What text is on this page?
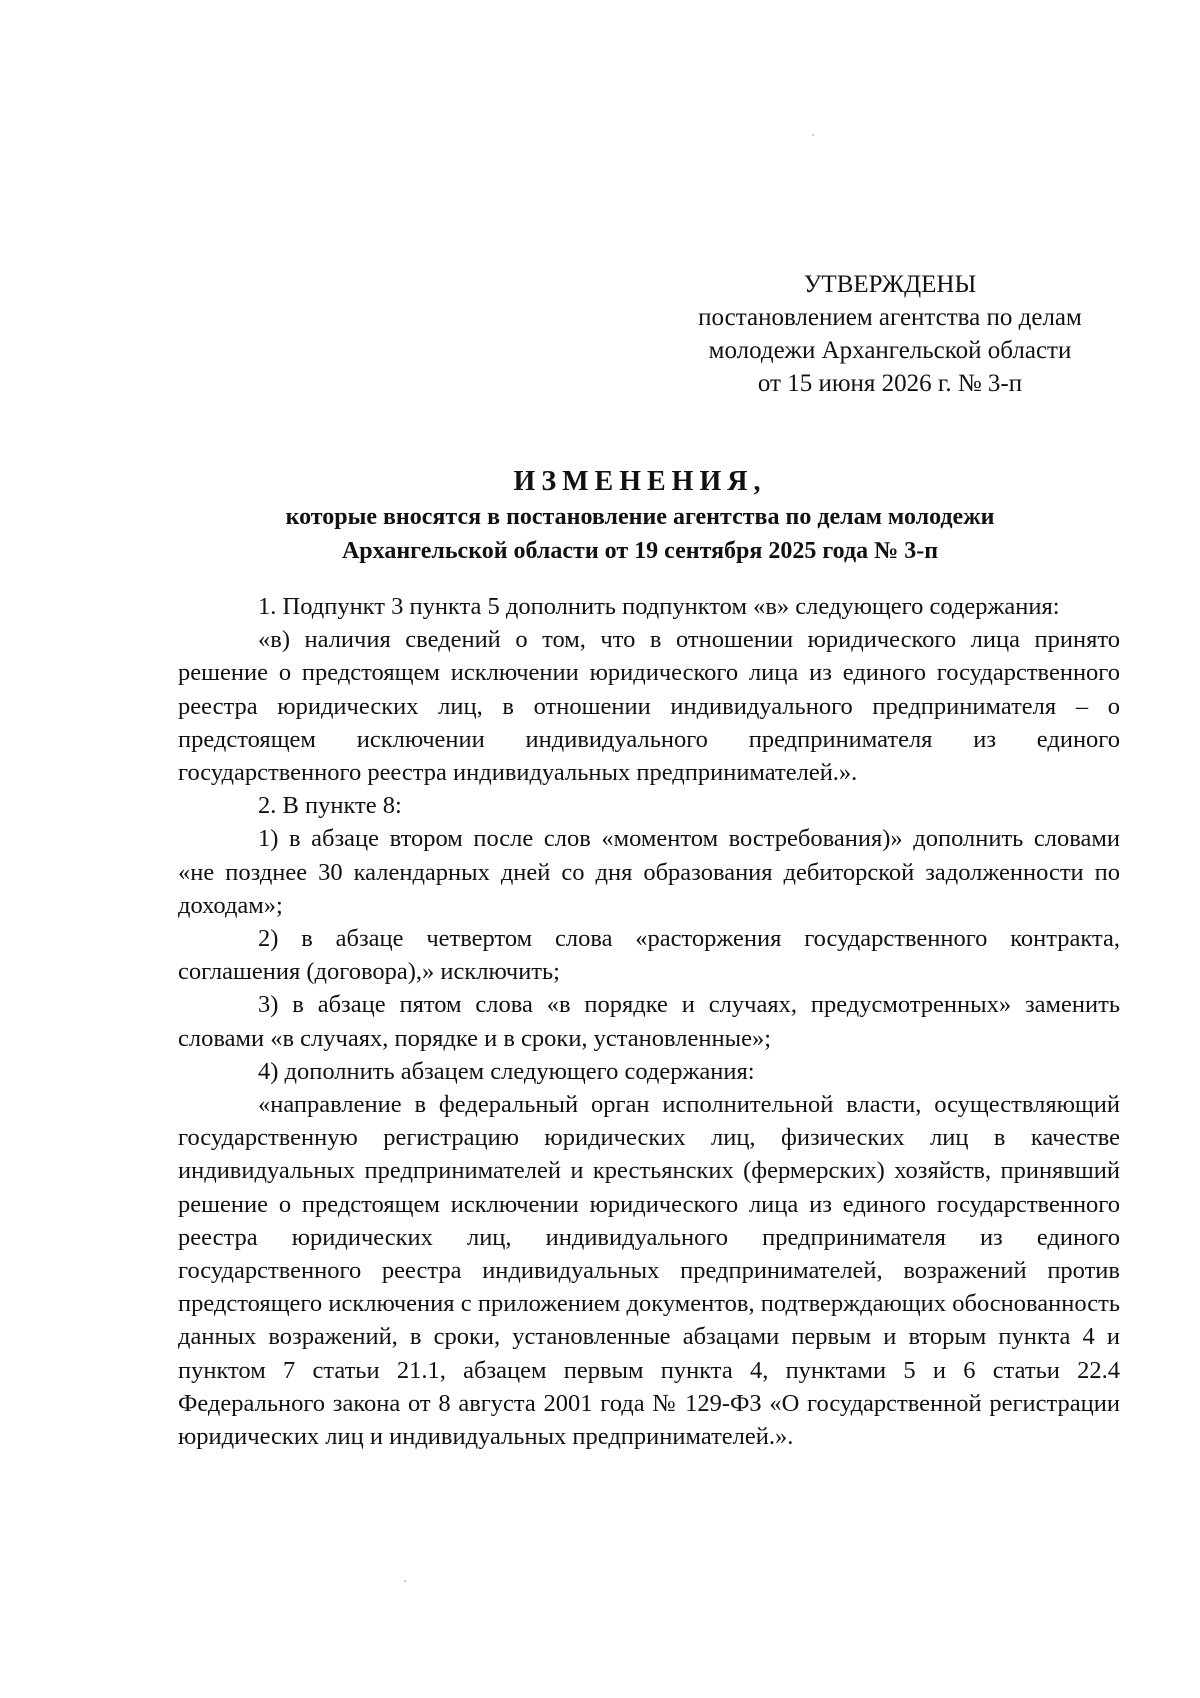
УТВЕРЖДЕНЫ
постановлением агентства по делам
молодежи Архангельской области
от 15 июня 2026 г. № 3-п
ИЗМЕНЕНИЯ,
которые вносятся в постановление агентства по делам молодежи
Архангельской области от 19 сентября 2025 года № 3-п

1. Подпункт 3 пункта 5 дополнить подпунктом «в» следующего содержания:

«в) наличия сведений о том, что в отношении юридического лица принято решение о предстоящем исключении юридического лица из единого государственного реестра юридических лиц, в отношении индивидуального предпринимателя – о предстоящем исключении индивидуального предпринимателя из единого государственного реестра индивидуальных предпринимателей.».

2. В пункте 8:

1) в абзаце втором после слов «моментом востребования)» дополнить словами «не позднее 30 календарных дней со дня образования дебиторской задолженности по доходам»;

2) в абзаце четвертом слова «расторжения государственного контракта, соглашения (договора),» исключить;

3) в абзаце пятом слова «в порядке и случаях, предусмотренных» заменить словами «в случаях, порядке и в сроки, установленные»;

4) дополнить абзацем следующего содержания:

«направление в федеральный орган исполнительной власти, осуществляющий государственную регистрацию юридических лиц, физических лиц в качестве индивидуальных предпринимателей и крестьянских (фермерских) хозяйств, принявший решение о предстоящем исключении юридического лица из единого государственного реестра юридических лиц, индивидуального предпринимателя из единого государственного реестра индивидуальных предпринимателей, возражений против предстоящего исключения с приложением документов, подтверждающих обоснованность данных возражений, в сроки, установленные абзацами первым и вторым пункта 4 и пунктом 7 статьи 21.1, абзацем первым пункта 4, пунктами 5 и 6 статьи 22.4 Федерального закона от 8 августа 2001 года № 129-ФЗ «О государственной регистрации юридических лиц и индивидуальных предпринимателей.».
